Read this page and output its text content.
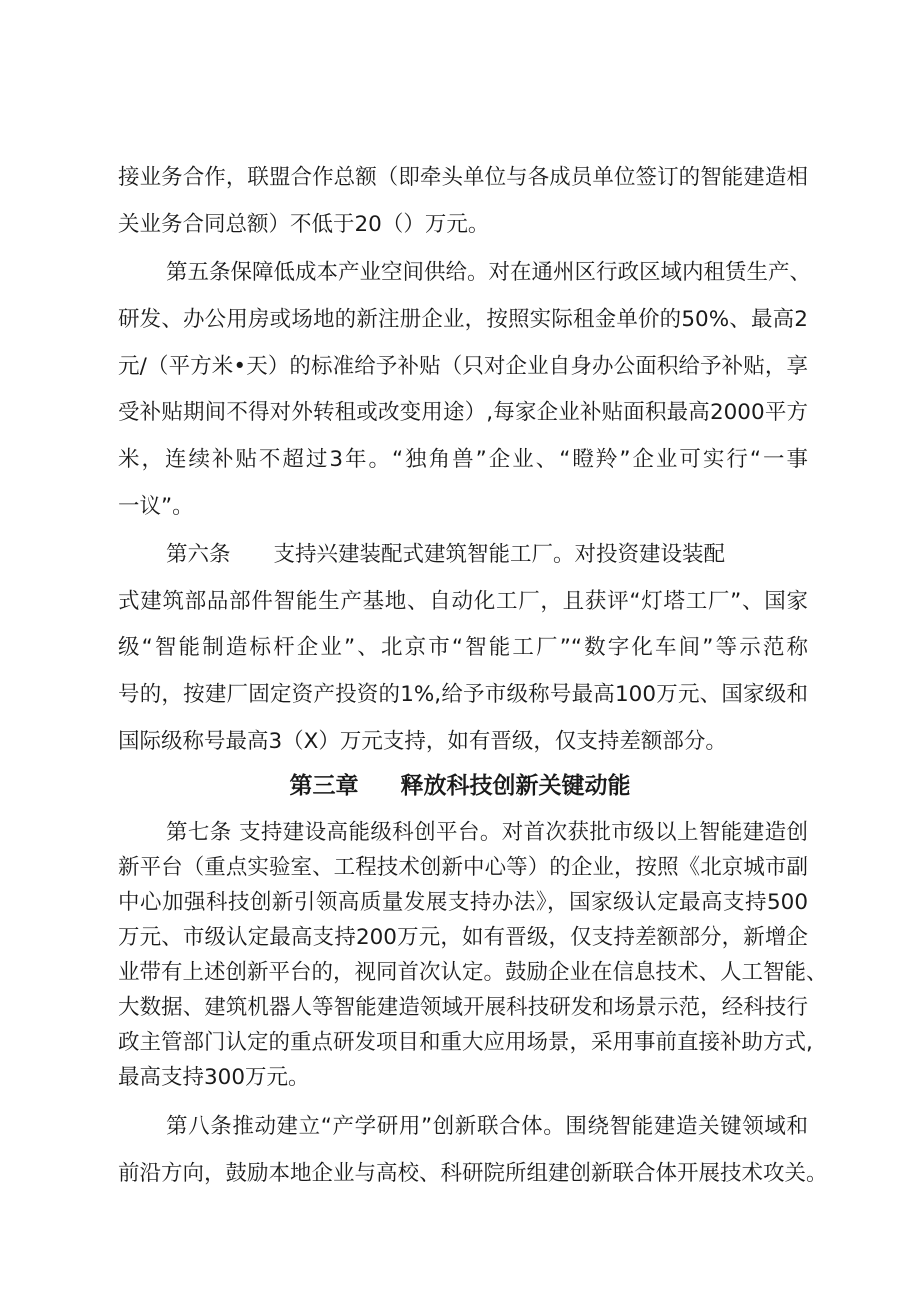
接业务合作，联盟合作总额（即牵头单位与各成员单位签订的智能建造相
关业务合同总额）不低于20（）万元。
第五条保障低成本产业空间供给。对在通州区行政区域内租赁生产、
研发、办公用房或场地的新注册企业，按照实际租金单价的50%、最高2
元/（平方米•天）的标准给予补贴（只对企业自身办公面积给予补贴，享
受补贴期间不得对外转租或改变用途）,每家企业补贴面积最高2000平方
米，连续补贴不超过3年。“独角兽”企业、“瞪羚”企业可实行“一事
一议”。
第六条　　支持兴建装配式建筑智能工厂。对投资建设装配
式建筑部品部件智能生产基地、自动化工厂，且获评“灯塔工厂”、国家
级“智能制造标杆企业”、北京市“智能工厂”“数字化车间”等示范称
号的，按建厂固定资产投资的1%,给予市级称号最高100万元、国家级和
国际级称号最高3（X）万元支持，如有晋级，仅支持差额部分。
第三章 释放科技创新关键动能
第七条 支持建设高能级科创平台。对首次获批市级以上智能建造创
新平台（重点实验室、工程技术创新中心等）的企业，按照《北京城市副
中心加强科技创新引领高质量发展支持办法》，国家级认定最高支持500
万元、市级认定最高支持200万元，如有晋级，仅支持差额部分，新增企
业带有上述创新平台的，视同首次认定。鼓励企业在信息技术、人工智能、
大数据、建筑机器人等智能建造领域开展科技研发和场景示范，经科技行
政主管部门认定的重点研发项目和重大应用场景，采用事前直接补助方式,
最高支持300万元。
第八条推动建立“产学研用”创新联合体。围绕智能建造关键领域和
前沿方向，鼓励本地企业与高校、科研院所组建创新联合体开展技术攻关。
